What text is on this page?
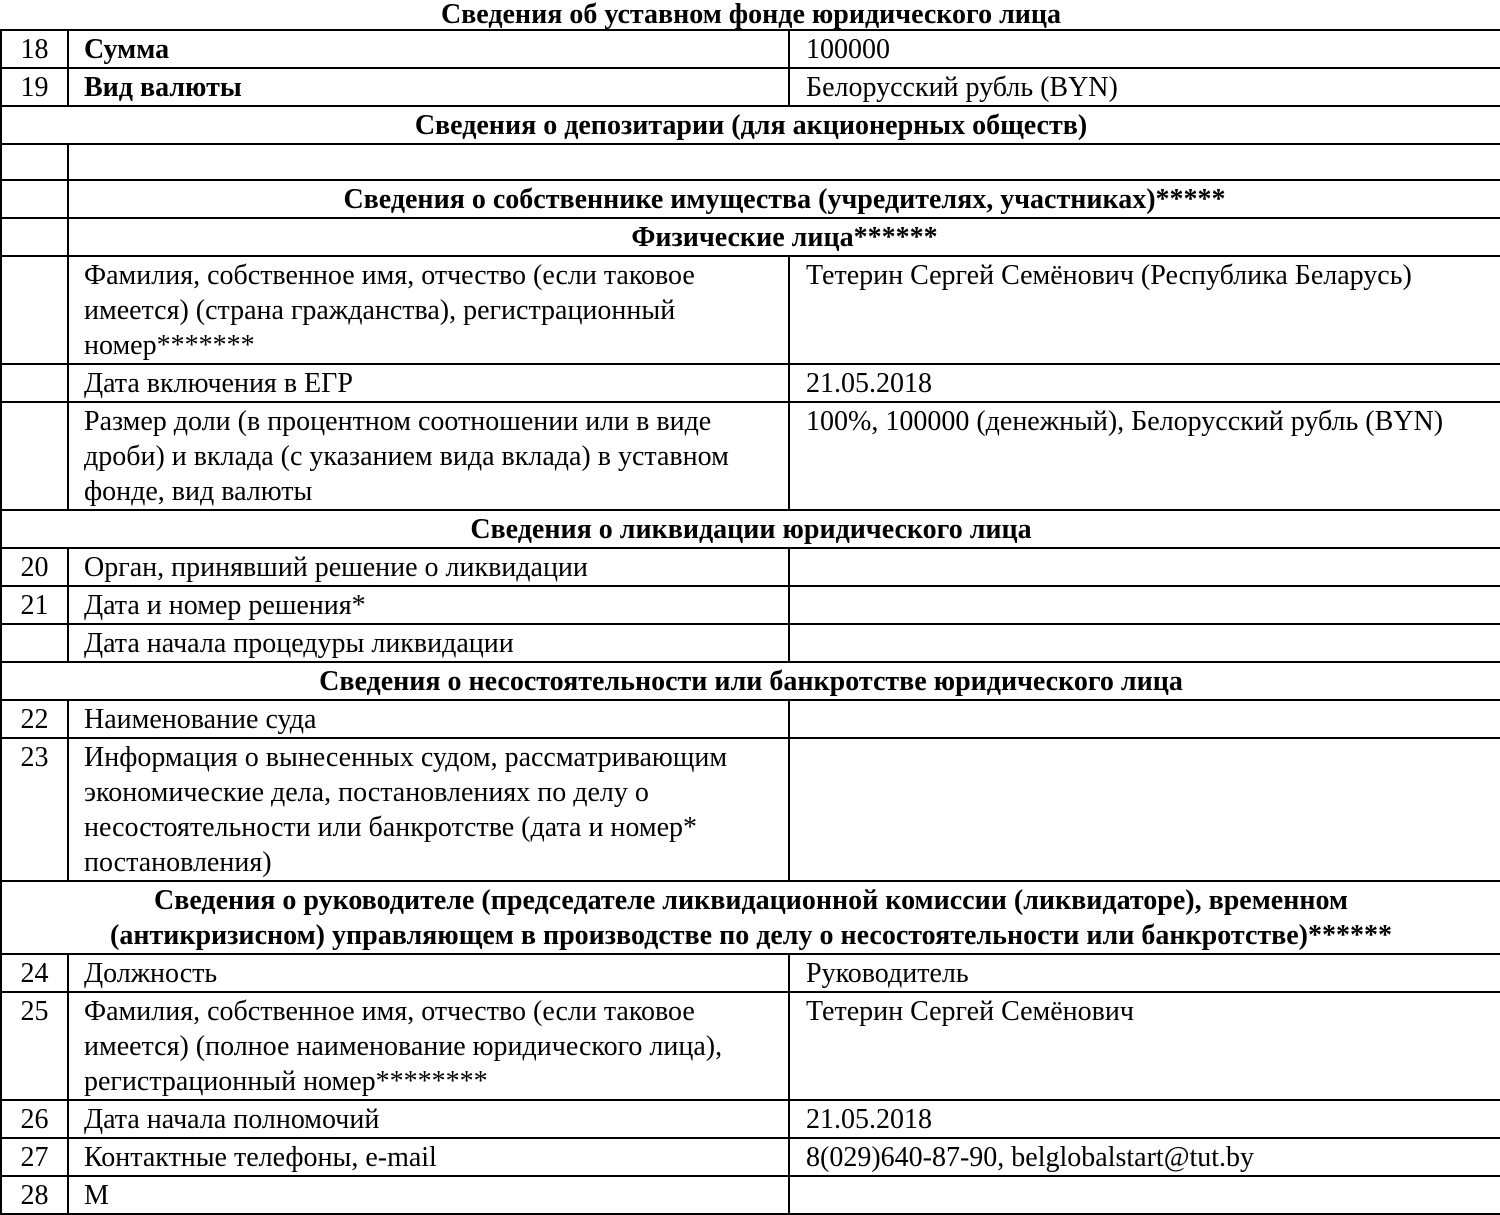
Сведения об уставном фонде юридического лица		
18	Сумма	100000
19	Вид валюты	Белорусский рубль (BYN)
Сведения о депозитарии (для акционерных обществ)		

	Сведения о собственнике имущества (учредителях, участниках)*****	
	Физические лица******	
	Фамилия, собственное имя, отчество (если таковое имеется) (страна гражданства), регистрационный номер*******	Тетерин Сергей Семёнович (Республика Беларусь)
	Дата включения в ЕГР	21.05.2018
	Размер доли (в процентном соотношении или в виде дроби) и вклада (с указанием вида вклада) в уставном фонде, вид валюты	100%, 100000 (денежный), Белорусский рубль (BYN)
Сведения о ликвидации юридического лица		
20	Орган, принявший решение о ликвидации	
21	Дата и номер решения*	
	Дата начала процедуры ликвидации	
Сведения о несостоятельности или банкротстве юридического лица		
22	Наименование суда	
23	Информация о вынесенных судом, рассматривающим экономические дела, постановлениях по делу о несостоятельности или банкротстве (дата и номер* постановления)	
Сведения о руководителе (председателе ликвидационной комиссии (ликвидаторе), временном
(антикризисном) управляющем в производстве по делу о несостоятельности или банкротстве)******		
24	Должность	Руководитель
25	Фамилия, собственное имя, отчество (если таковое имеется) (полное наименование юридического лица), регистрационный номер********	Тетерин Сергей Семёнович
26	Дата начала полномочий	21.05.2018
27	Контактные телефоны, e-mail	8(029)640-87-90, belglobalstart@tut.by
28	М	
